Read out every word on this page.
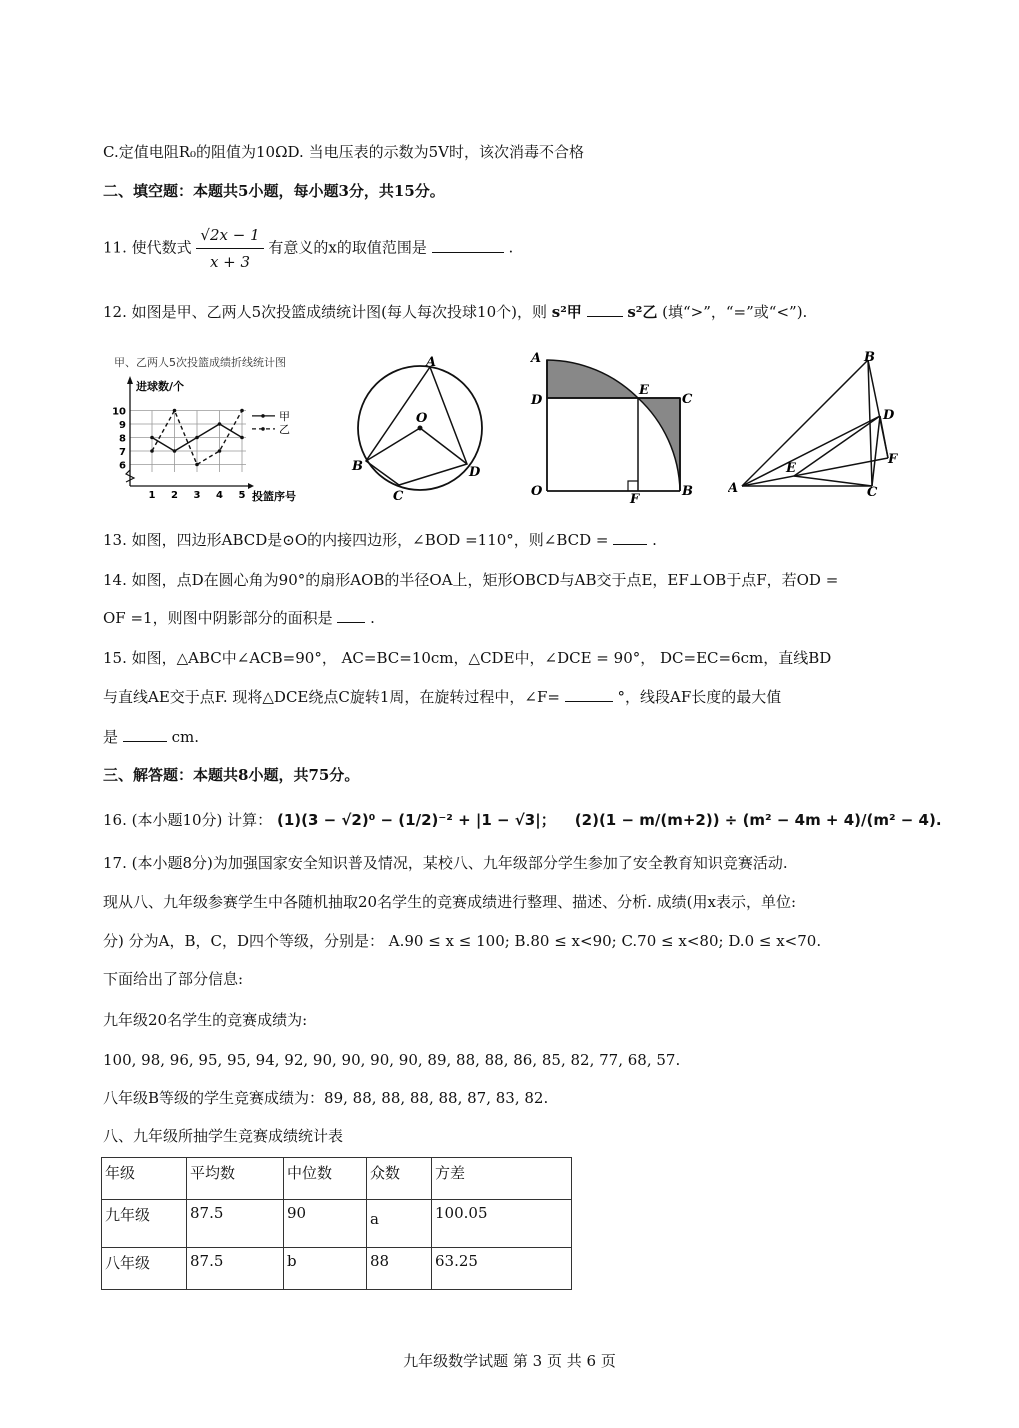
C.定值电阻R₀的阻值为10ΩD. 当电压表的示数为5V时，该次消毒不合格
二、填空题：本题共5小题，每小题3分，共15分。
11. 使代数式 $\frac{√2x - 1}{x + 3}$ 有意义的x的取值范围是	.
12. 如图是甲、乙两人5次投篮成绩统计图(每人每次投球10个)，则 s²甲	s²乙 (填“>”，“=”或“<”).
甲、乙两人5次投篮成绩折线统计图
6
7
8
9
10
1 2 3 4 5
进球数/个
投篮序号
甲
乙
A
O
B
C
D
A
D
E
C
O
F
B
B
D
F
E
A	C
13. 如图，四边形ABCD是⊙O的内接四边形，∠BOD =110°，则∠BCD =	.
14. 如图，点D在圆心角为90°的扇形AOB的半径OA上，矩形OBCD与AB交于点E，EF⊥OB于点F，若OD =
OF =1，则图中阴影部分的面积是	.
15. 如图，△ABC中∠ACB=90°， AC=BC=10cm，△CDE中，∠DCE = 90°， DC=EC=6cm，直线BD
与直线AE交于点F. 现将△DCE绕点C旋转1周，在旋转过程中，∠F=	°，线段AF长度的最大值
是	cm.
三、解答题：本题共8小题，共75分。
16. (本小题10分) 计算： (1)(3 − √2)⁰ − (1/2)⁻² + |1 − √3|； (2)(1 − m/(m+2)) ÷ (m² − 4m + 4)/(m² − 4).
17. (本小题8分)为加强国家安全知识普及情况，某校八、九年级部分学生参加了安全教育知识竞赛活动.
现从八、九年级参赛学生中各随机抽取20名学生的竞赛成绩进行整理、描述、分析. 成绩(用x表示，单位:
分) 分为A，B，C，D四个等级，分别是： A.90 ≤ x ≤ 100; B.80 ≤ x<90; C.70 ≤ x<80; D.0 ≤ x<70.
下面给出了部分信息:
九年级20名学生的竞赛成绩为:
100, 98, 96, 95, 95, 94, 92, 90, 90, 90, 90, 89, 88, 88, 86, 85, 82, 77, 68, 57.
八年级B等级的学生竞赛成绩为：89, 88, 88, 88, 88, 87, 83, 82.
八、九年级所抽学生竞赛成绩统计表
年级	平均数	中位数	众数	方差
九年级	87.5	90	a	100.05
八年级	87.5	b	88	63.25
九年级数学试题 第 3 页 共 6 页
